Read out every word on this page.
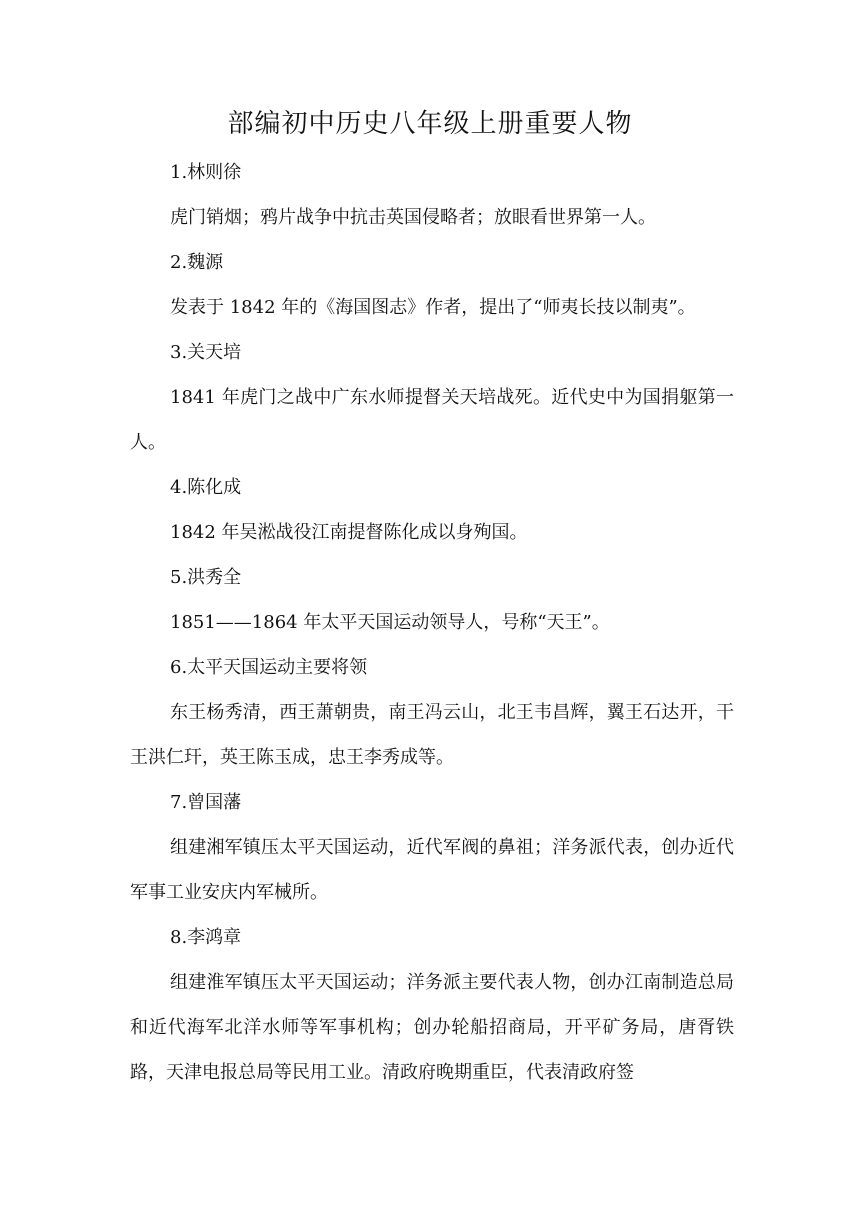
部编初中历史八年级上册重要人物

1.林则徐

虎门销烟；鸦片战争中抗击英国侵略者；放眼看世界第一人。

2.魏源

发表于 1842 年的《海国图志》作者，提出了“师夷长技以制夷”。

3.关天培

1841 年虎门之战中广东水师提督关天培战死。近代史中为国捐躯第一人。

4.陈化成

1842 年吴淞战役江南提督陈化成以身殉国。

5.洪秀全

1851——1864 年太平天国运动领导人，号称“天王”。

6.太平天国运动主要将领

东王杨秀清，西王萧朝贵，南王冯云山，北王韦昌辉，翼王石达开，干王洪仁玕，英王陈玉成，忠王李秀成等。

7.曾国藩

组建湘军镇压太平天国运动，近代军阀的鼻祖；洋务派代表，创办近代军事工业安庆内军械所。

8.李鸿章

组建淮军镇压太平天国运动；洋务派主要代表人物，创办江南制造总局和近代海军北洋水师等军事机构；创办轮船招商局，开平矿务局，唐胥铁路，天津电报总局等民用工业。清政府晚期重臣，代表清政府签
